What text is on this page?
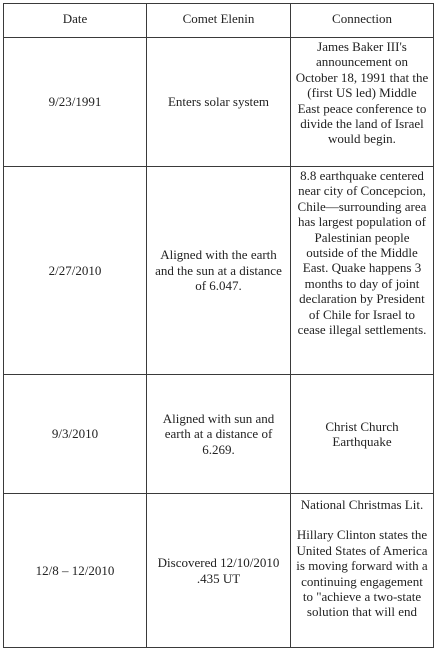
Date	Comet Elenin	Connection
9/23/1991	Enters solar system	James Baker III's announcement on October 18, 1991 that the (first US led) Middle East peace conference to divide the land of Israel would begin.

2/27/2010	Aligned with the earth and the sun at a distance of 6.047.	8.8 earthquake centered near city of Concepcion, Chile—surrounding area has largest population of Palestinian people outside of the Middle East. Quake happens 3 months to day of joint declaration by President of Chile for Israel to cease illegal settlements.

9/3/2010	Aligned with sun and earth at a distance of 6.269.	Christ Church Earthquake

12/8 – 12/2010	Discovered 12/10/2010 .435 UT	National Christmas Lit.
Hillary Clinton states the United States of America is moving forward with a continuing engagement to "achieve a two-state solution that will end
